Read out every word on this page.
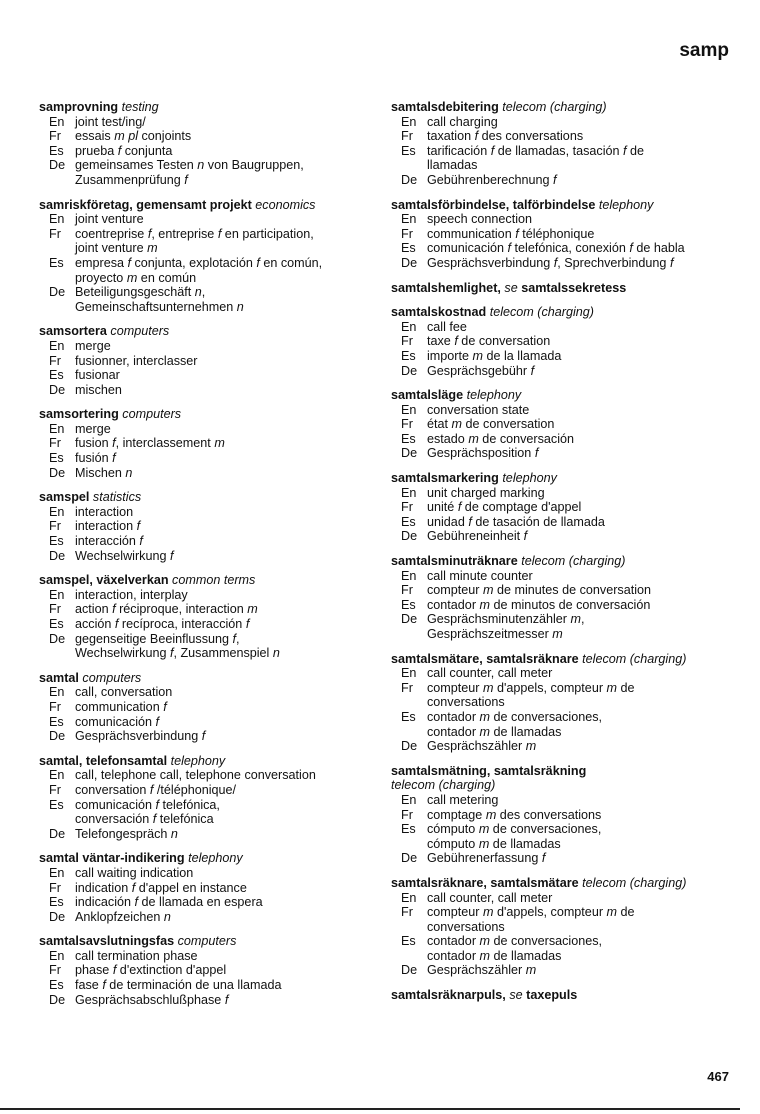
samp
samprovning testing
En joint test/ing/
Fr	essais m pl conjoints
Es prueba f conjunta
De gemeinsames Testen n von Baugruppen,
Zusammenprüfung f
samriskföretag, gemensamt projekt economics
En joint venture
Fr	coentreprise f, entreprise f en participation,
joint venture m
Es empresa f conjunta, explotación f en común,
proyecto m en común
De Beteiligungsgeschäft n,
Gemeinschaftsunternehmen n
samsortera computers
En merge
Fr	fusionner, interclasser
Es fusionar
De mischen
samsortering computers
En merge
Fr	fusion f, interclassement m
Es fusión f
De Mischen n
samspel statistics
En interaction
Fr	interaction f
Es interacción f
De Wechselwirkung f
samspel, växelverkan common terms
En interaction, interplay
Fr	action f réciproque, interaction m
Es acción f recíproca, interacción f
De gegenseitige Beeinflussung f,
Wechselwirkung f, Zusammenspiel n
samtal computers
En call, conversation
Fr	communication f
Es comunicación f
De Gesprächsverbindung f
samtal, telefonsamtal telephony
En call, telephone call, telephone conversation
Fr	conversation f /téléphonique/
Es comunicación f telefónica,
conversación f telefónica
De Telefongespräch n
samtal väntar-indikering telephony
En call waiting indication
Fr	indication f d'appel en instance
Es indicación f de llamada en espera
De Anklopfzeichen n
samtalsavslutningsfas computers
En call termination phase
Fr	phase f d'extinction d'appel
Es fase f de terminación de una llamada
De Gesprächsabschlußphase f
samtalsdebitering telecom (charging)
En call charging
Fr	taxation f des conversations
Es tarificación f de llamadas, tasación f de
llamadas
De Gebührenberechnung f
samtalsförbindelse, talförbindelse telephony
En speech connection
Fr	communication f téléphonique
Es comunicación f telefónica, conexión f de habla
De Gesprächsverbindung f, Sprechverbindung f
samtalshemlighet, se samtalssekretess
samtalskostnad telecom (charging)
En call fee
Fr	taxe f de conversation
Es importe m de la llamada
De Gesprächsgebühr f
samtalsläge telephony
En conversation state
Fr	état m de conversation
Es estado m de conversación
De Gesprächsposition f
samtalsmarkering telephony
En unit charged marking
Fr	unité f de comptage d'appel
Es unidad f de tasación de llamada
De Gebühreneinheit f
samtalsminuträknare telecom (charging)
En call minute counter
Fr	compteur m de minutes de conversation
Es contador m de minutos de conversación
De Gesprächsminutenzähler m,
Gesprächszeitmesser m
samtalsmätare, samtalsräknare telecom (charging)
En call counter, call meter
Fr	compteur m d'appels, compteur m de
conversations
Es contador m de conversaciones,
contador m de llamadas
De Gesprächszähler m
samtalsmätning, samtalsräkning
telecom (charging)
En call metering
Fr	comptage m des conversations
Es cómputo m de conversaciones,
cómputo m de llamadas
De Gebührenerfassung f
samtalsräknare, samtalsmätare telecom (charging)
En call counter, call meter
Fr	compteur m d'appels, compteur m de
conversations
Es contador m de conversaciones,
contador m de llamadas
De Gesprächszähler m
samtalsräknarpuls, se taxepuls
467
